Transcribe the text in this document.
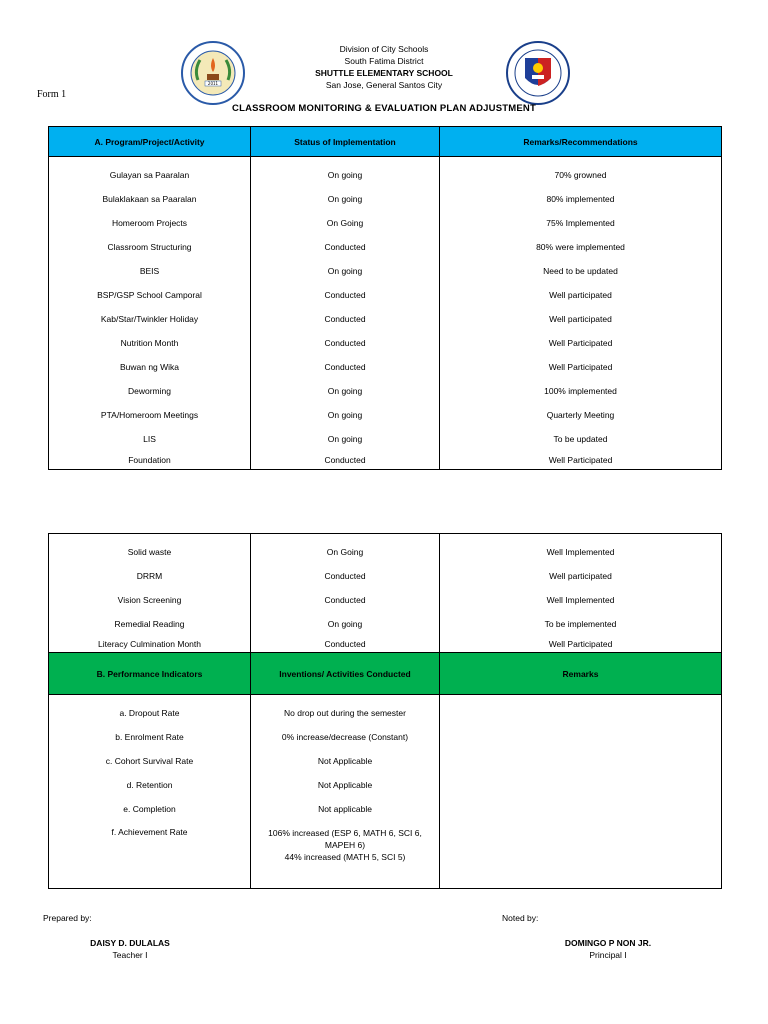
2011
Division of City Schools
South Fatima District
SHUTTLE ELEMENTARY SCHOOL
San Jose, General Santos City
Form 1
CLASSROOM MONITORING & EVALUATION PLAN ADJUSTMENT
A. Program/Project/Activity	Status of Implementation	Remarks/Recommendations

Gulayan sa Paaralan	On going	70% growned
Bulaklakaan sa Paaralan	On going	80% implemented
Homeroom Projects	On Going	75% Implemented
Classroom Structuring	Conducted	80% were implemented
BEIS	On going	Need to be updated
BSP/GSP School Camporal	Conducted	Well participated
Kab/Star/Twinkler Holiday	Conducted	Well participated
Nutrition Month	Conducted	Well Participated
Buwan ng Wika	Conducted	Well Participated
Deworming	On going	100% implemented
PTA/Homeroom Meetings	On going	Quarterly Meeting
LIS	On going	To be updated
Foundation	Conducted	Well Participated

Solid waste	On Going	Well Implemented
DRRM	Conducted	Well participated
Vision Screening	Conducted	Well Implemented
Remedial Reading	On going	To be implemented
Literacy Culmination Month	Conducted	Well Participated
B. Performance Indicators	Inventions/ Activities Conducted	Remarks

a. Dropout Rate	No drop out during the semester	
b. Enrolment Rate	0% increase/decrease (Constant)	
c. Cohort Survival Rate	Not Applicable	
d. Retention	Not Applicable	
e. Completion	Not applicable	
f. Achievement Rate	106% increased (ESP 6, MATH 6, SCI 6,
MAPEH 6)
44% increased (MATH 5, SCI 5)	

Prepared by:
DAISY D. DULALAS
Teacher I
Noted by:
DOMINGO P NON JR.
Principal I
